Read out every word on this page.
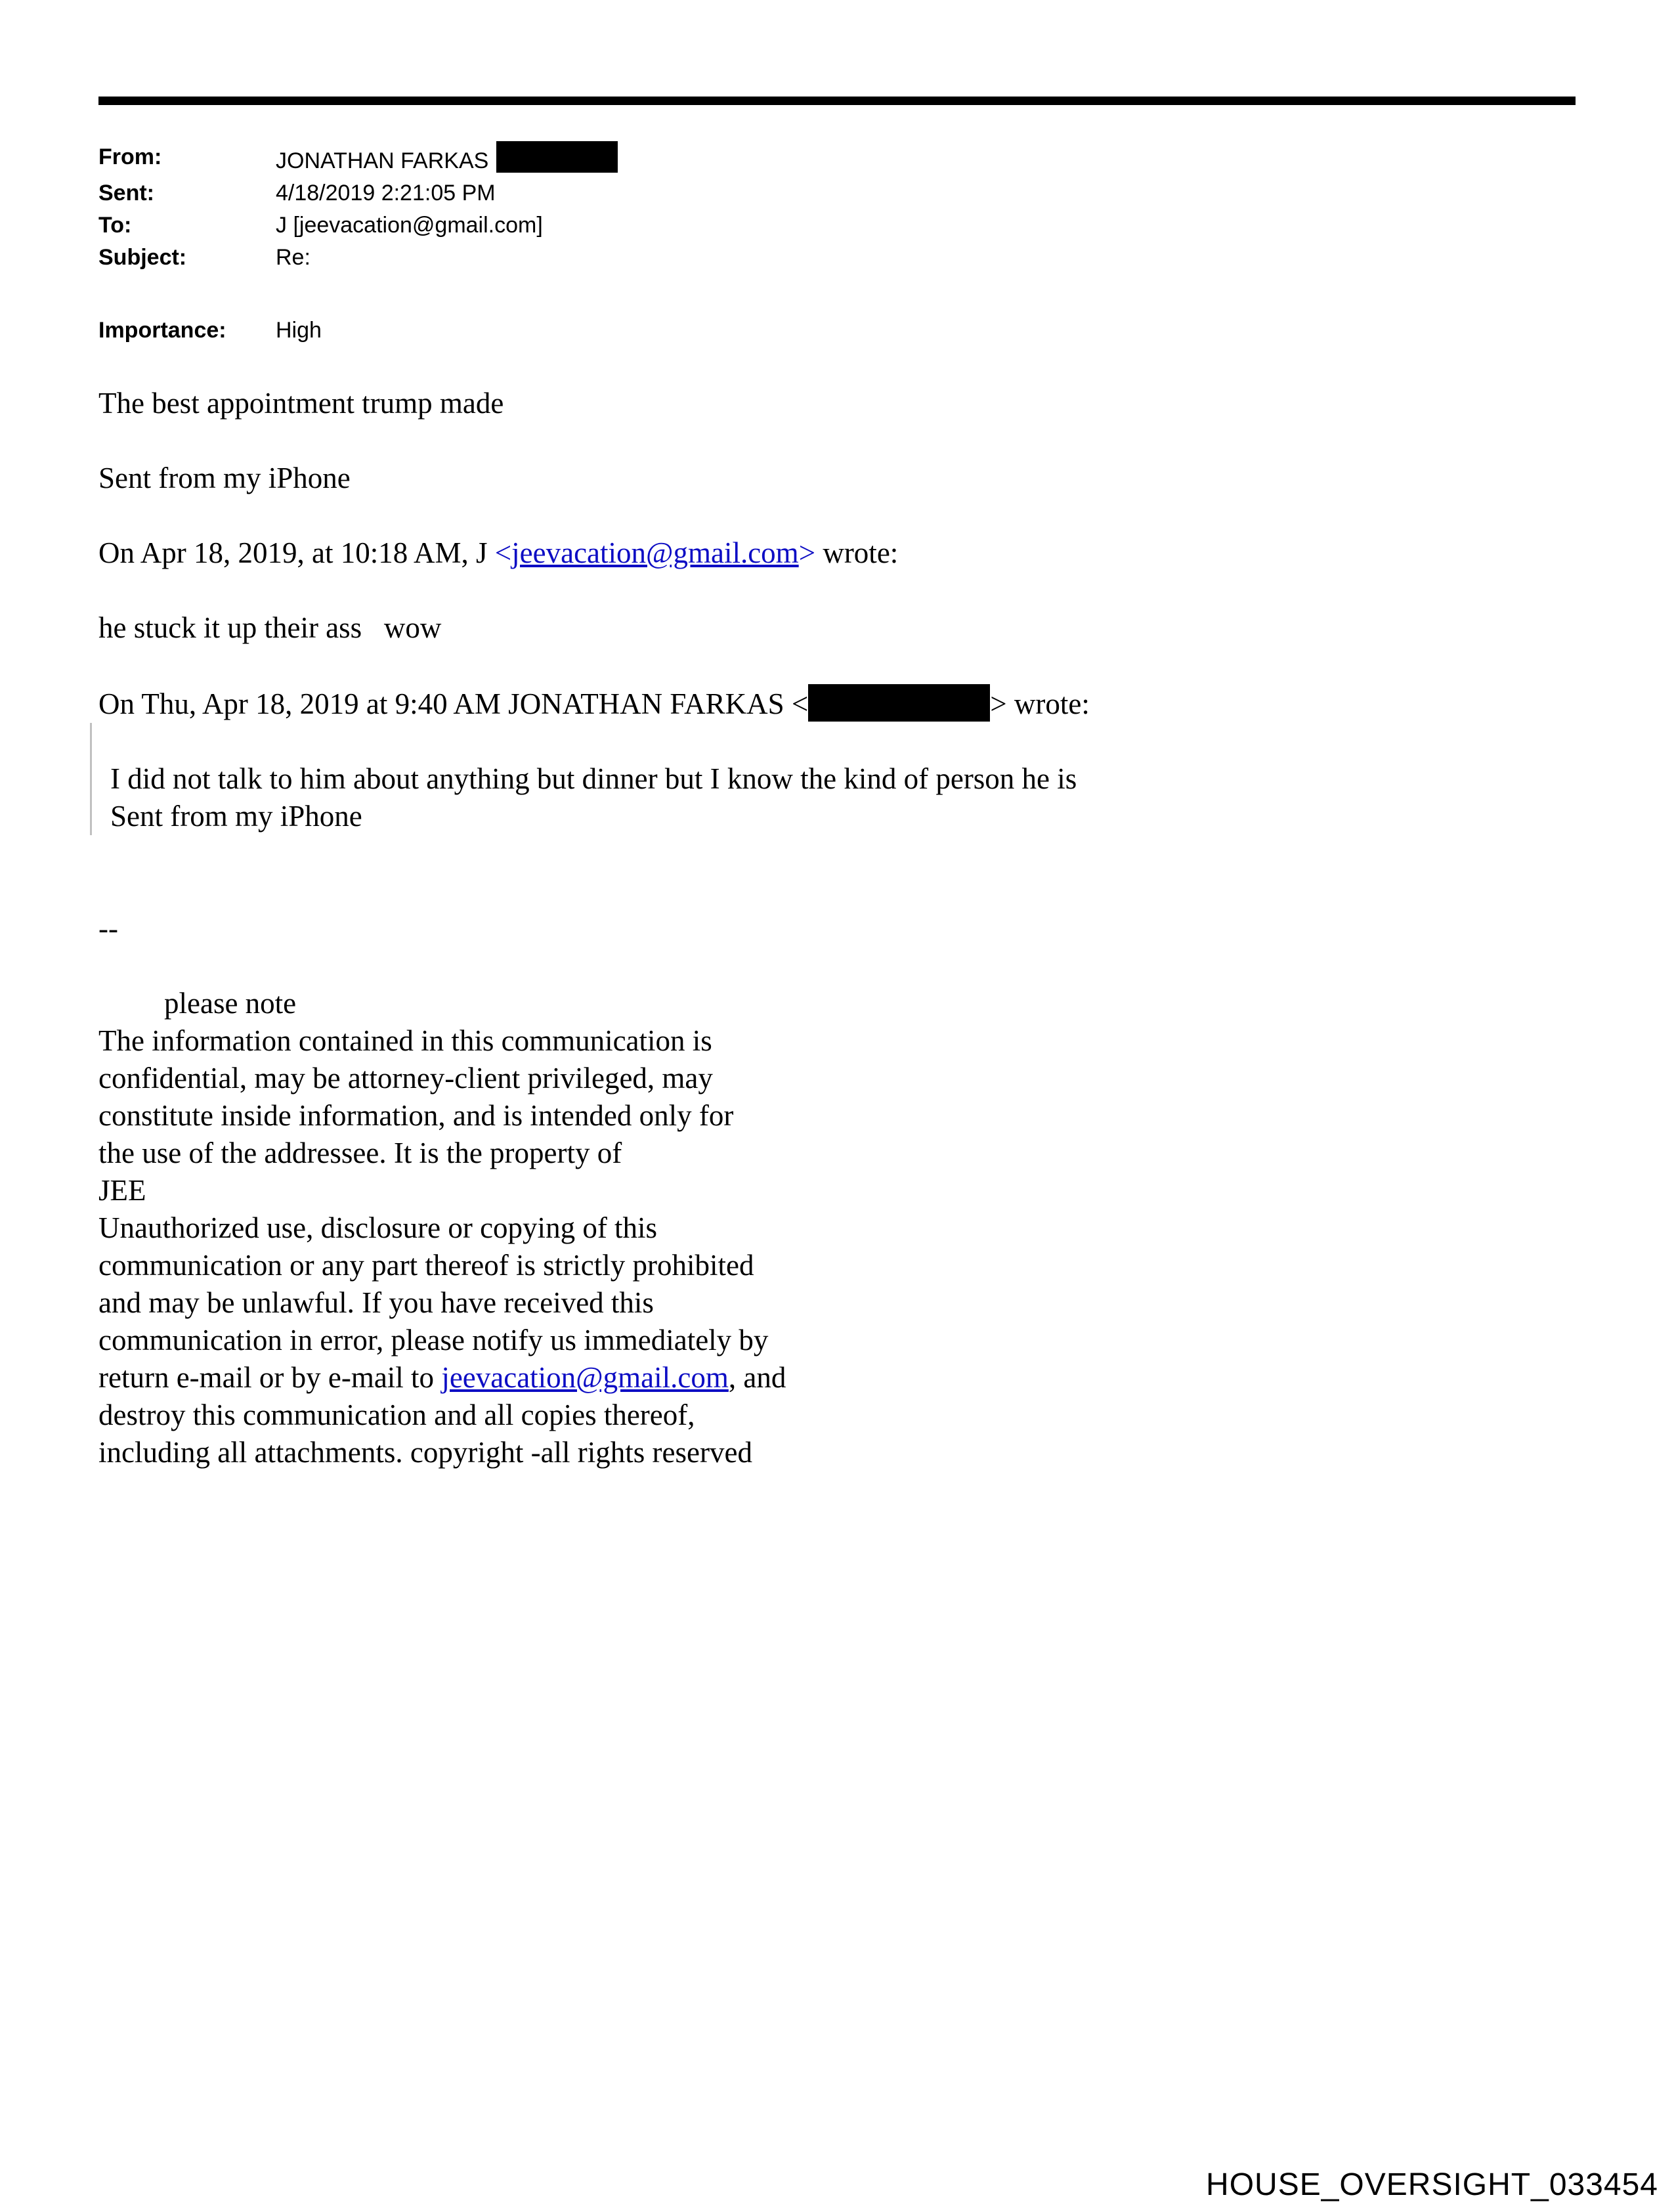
From:	JONATHAN FARKAS
Sent:	4/18/2019 2:21:05 PM
To:	J [jeevacation@gmail.com]
Subject:	Re:
Importance:	High

The best appointment trump made

Sent from my iPhone

On Apr 18, 2019, at 10:18 AM, J <jeevacation@gmail.com> wrote:

he stuck it up their ass   wow

On Thu, Apr 18, 2019 at 9:40 AM JONATHAN FARKAS <	> wrote:

I did not talk to him about anything but dinner but I know the kind of person he is
Sent from my iPhone

--

please note

The information contained in this communication is
confidential, may be attorney-client privileged, may
constitute inside information, and is intended only for
the use of the addressee. It is the property of
JEE
Unauthorized use, disclosure or copying of this
communication or any part thereof is strictly prohibited
and may be unlawful. If you have received this
communication in error, please notify us immediately by
return e-mail or by e-mail to jeevacation@gmail.com, and
destroy this communication and all copies thereof,
including all attachments. copyright -all rights reserved
HOUSE_OVERSIGHT_033454
